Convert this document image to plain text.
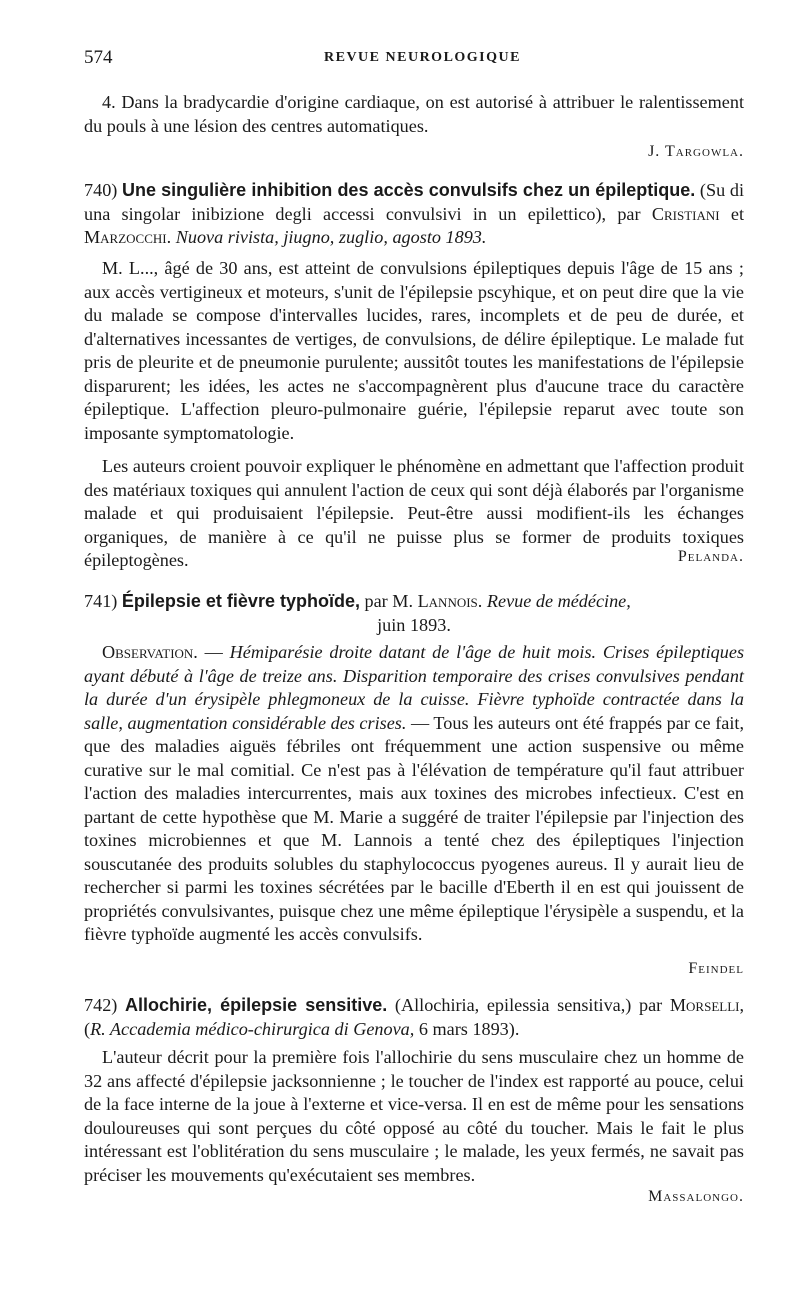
574	REVUE NEUROLOGIQUE
4. Dans la bradycardie d'origine cardiaque, on est autorisé à attribuer le ralentissement du pouls à une lésion des centres automatiques.
J. Targowla.
740) Une singulière inhibition des accès convulsifs chez un épileptique. (Su di una singolar inibizione degli accessi convulsivi in un epilettico), par Cristiani et Marzocchi. Nuova rivista, jiugno, zuglio, agosto 1893.
M. L..., âgé de 30 ans, est atteint de convulsions épileptiques depuis l'âge de 15 ans ; aux accès vertigineux et moteurs, s'unit de l'épilepsie pscyhique, et on peut dire que la vie du malade se compose d'intervalles lucides, rares, incomplets et de peu de durée, et d'alternatives incessantes de vertiges, de convulsions, de délire épileptique. Le malade fut pris de pleurite et de pneumonie purulente; aussitôt toutes les manifestations de l'épilepsie disparurent; les idées, les actes ne s'accompagnèrent plus d'aucune trace du caractère épileptique. L'affection pleuro-pulmonaire guérie, l'épilepsie reparut avec toute son imposante symptomatologie.
Les auteurs croient pouvoir expliquer le phénomène en admettant que l'affection produit des matériaux toxiques qui annulent l'action de ceux qui sont déjà élaborés par l'organisme malade et qui produisaient l'épilepsie. Peut-être aussi modifient-ils les échanges organiques, de manière à ce qu'il ne puisse plus se former de produits toxiques épileptogènes.	Pelanda.
741) Épilepsie et fièvre typhoïde, par M. Lannois. Revue de médécine,
juin 1893.
Observation. — Hémiparésie droite datant de l'âge de huit mois. Crises épileptiques ayant débuté à l'âge de treize ans. Disparition temporaire des crises convulsives pendant la durée d'un érysipèle phlegmoneux de la cuisse. Fièvre typhoïde contractée dans la salle, augmentation considérable des crises. — Tous les auteurs ont été frappés par ce fait, que des maladies aiguës fébriles ont fréquemment une action suspensive ou même curative sur le mal comitial. Ce n'est pas à l'élévation de température qu'il faut attribuer l'action des maladies intercurrentes, mais aux toxines des microbes infectieux. C'est en partant de cette hypothèse que M. Marie a suggéré de traiter l'épilepsie par l'injection des toxines microbiennes et que M. Lannois a tenté chez des épileptiques l'injection souscutanée des produits solubles du staphylococcus pyogenes aureus. Il y aurait lieu de rechercher si parmi les toxines sécrétées par le bacille d'Eberth il en est qui jouissent de propriétés convulsivantes, puisque chez une même épileptique l'érysipèle a suspendu, et la fièvre typhoïde augmenté les accès convulsifs.
Feindel
742) Allochirie, épilepsie sensitive. (Allochiria, epilessia sensitiva,) par Morselli, (R. Accademia médico-chirurgica di Genova, 6 mars 1893).
L'auteur décrit pour la première fois l'allochirie du sens musculaire chez un homme de 32 ans affecté d'épilepsie jacksonnienne ; le toucher de l'index est rapporté au pouce, celui de la face interne de la joue à l'externe et vice-versa. Il en est de même pour les sensations douloureuses qui sont perçues du côté opposé au côté du toucher. Mais le fait le plus intéressant est l'oblitération du sens musculaire ; le malade, les yeux fermés, ne savait pas préciser les mouvements qu'exécutaient ses membres.
Massalongo.
